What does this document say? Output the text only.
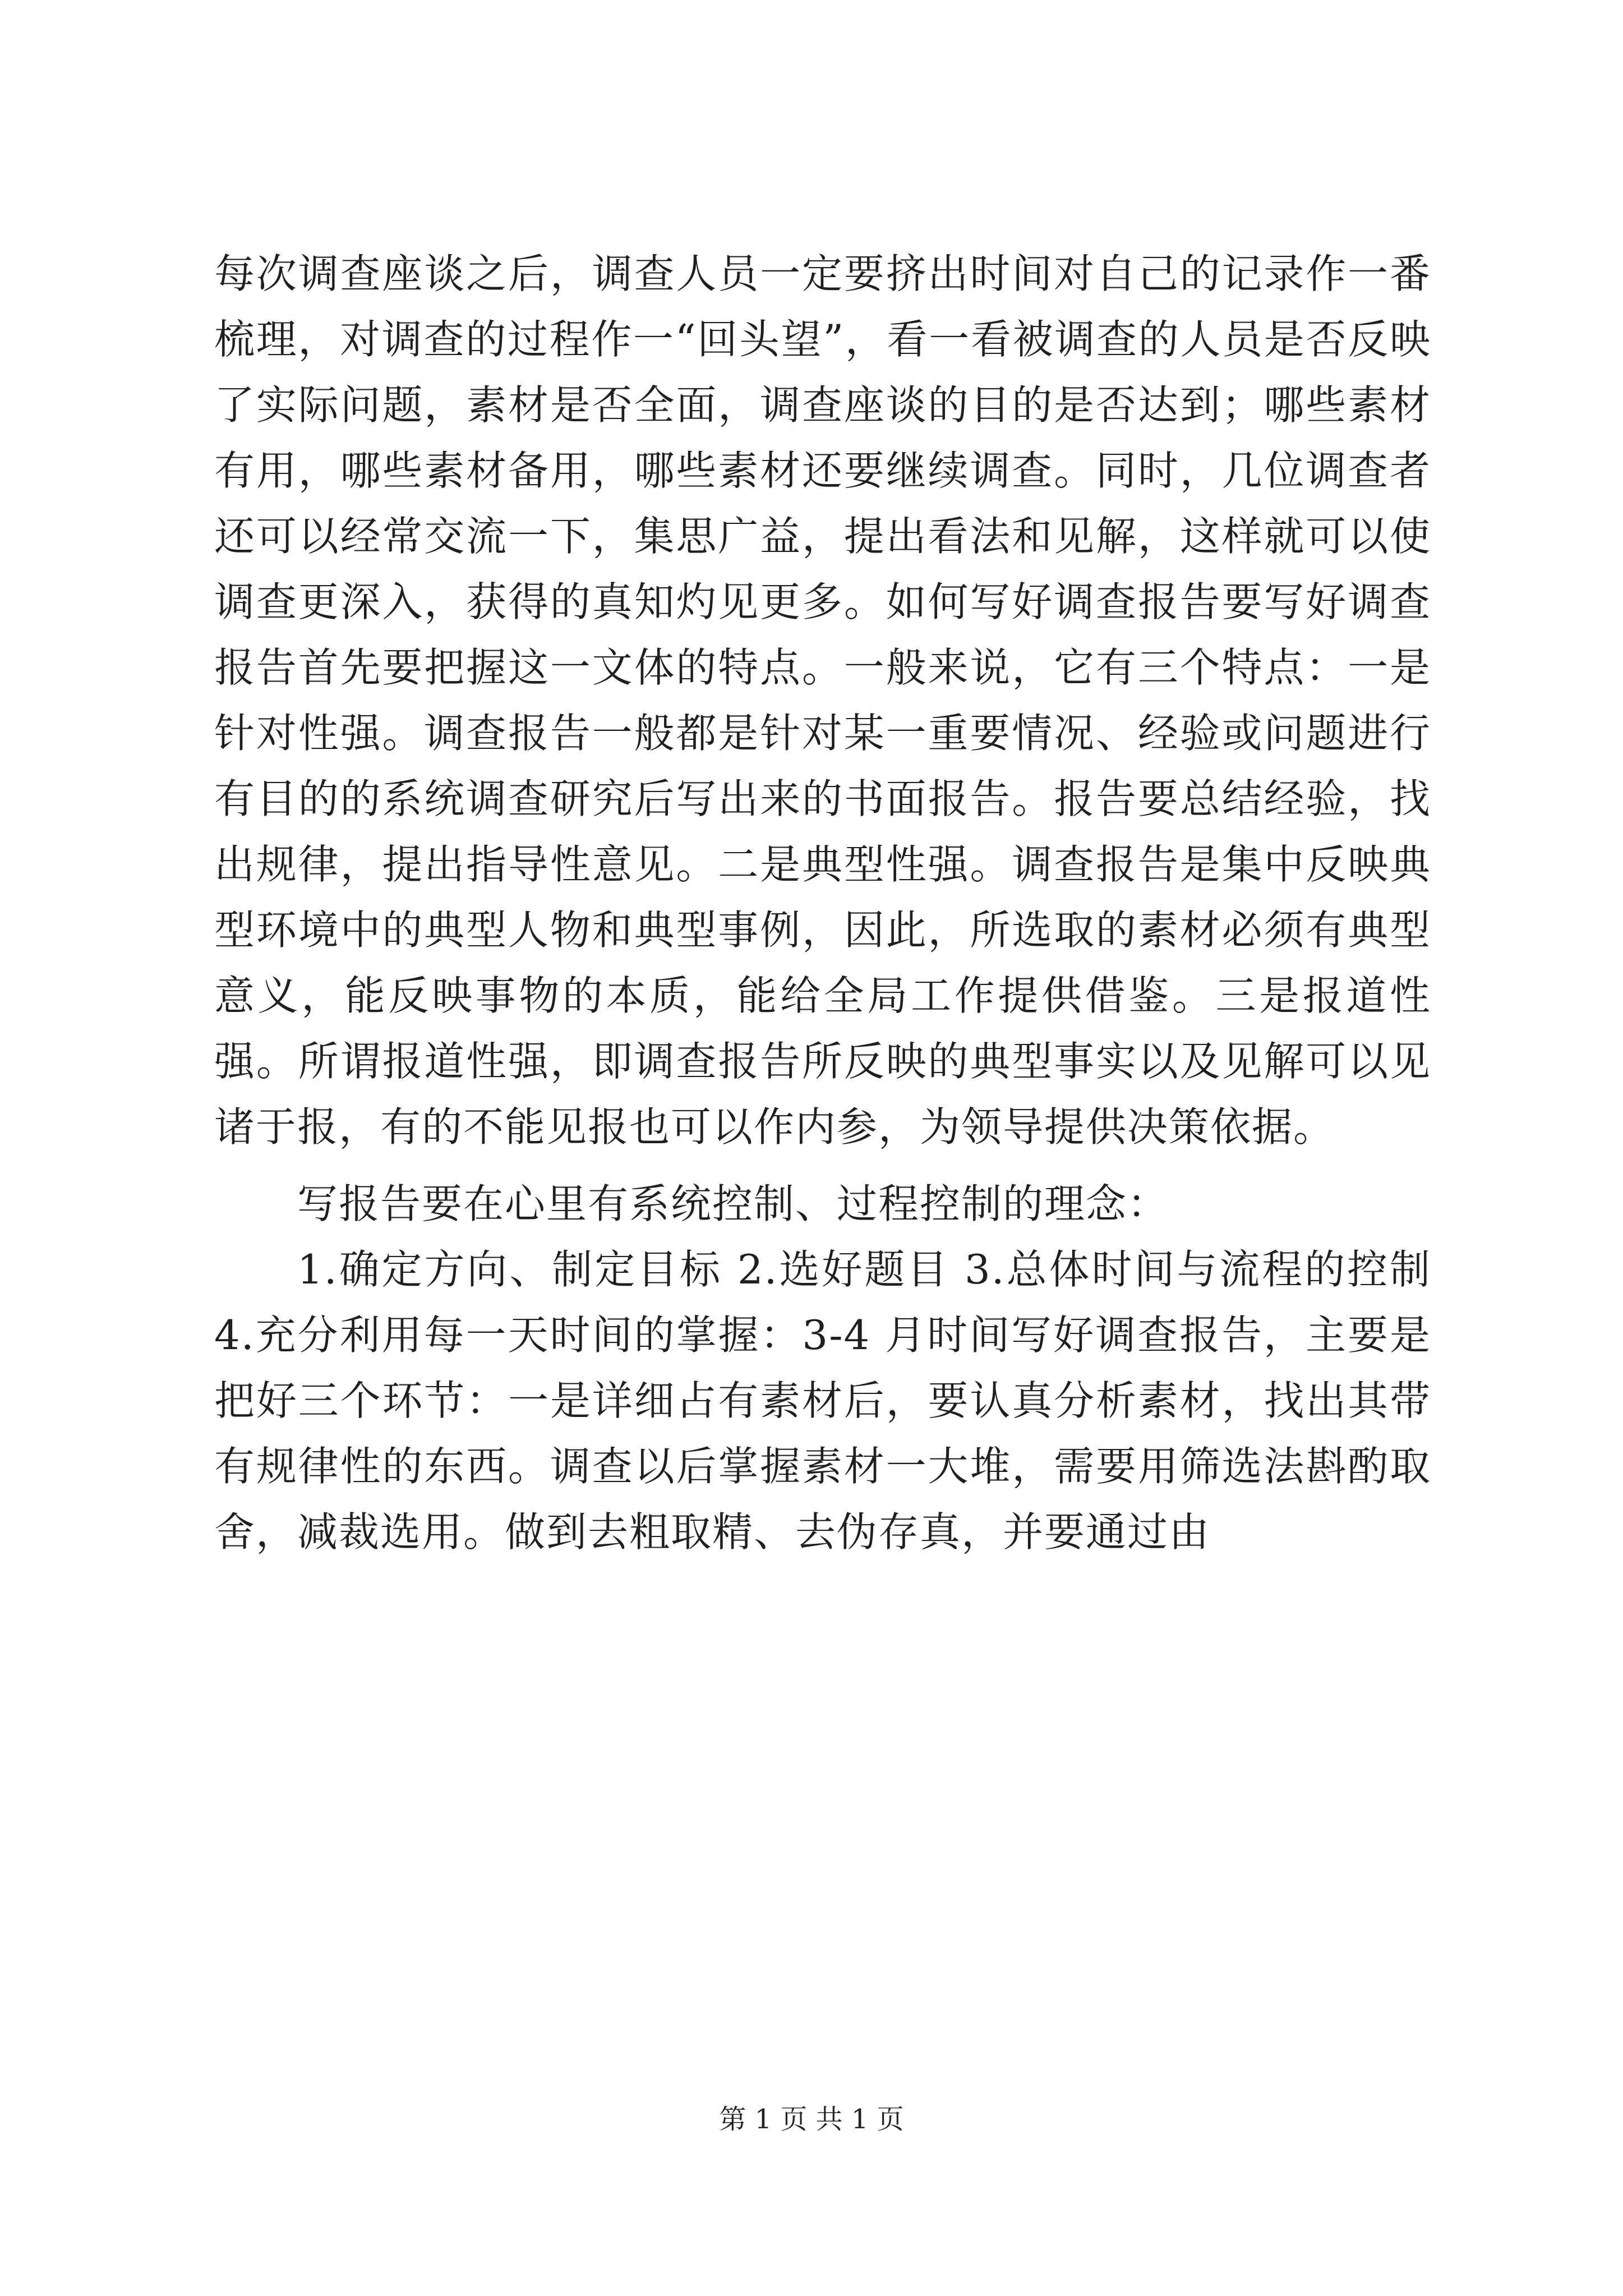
每次调查座谈之后，调查人员一定要挤出时间对自己的记录作一番梳理，对调查的过程作一“回头望”，看一看被调查的人员是否反映了实际问题，素材是否全面，调查座谈的目的是否达到；哪些素材有用，哪些素材备用，哪些素材还要继续调查。同时，几位调查者还可以经常交流一下，集思广益，提出看法和见解，这样就可以使调查更深入，获得的真知灼见更多。如何写好调查报告要写好调查报告首先要把握这一文体的特点。一般来说，它有三个特点：一是针对性强。调查报告一般都是针对某一重要情况、经验或问题进行有目的的系统调查研究后写出来的书面报告。报告要总结经验，找出规律，提出指导性意见。二是典型性强。调查报告是集中反映典型环境中的典型人物和典型事例，因此，所选取的素材必须有典型意义，能反映事物的本质，能给全局工作提供借鉴。三是报道性强。所谓报道性强，即调查报告所反映的典型事实以及见解可以见诸于报，有的不能见报也可以作内参，为领导提供决策依据。

写报告要在心里有系统控制、过程控制的理念：

1.确定方向、制定目标 2.选好题目 3.总体时间与流程的控制 4.充分利用每一天时间的掌握：3-4 月时间写好调查报告，主要是把好三个环节：一是详细占有素材后，要认真分析素材，找出其带有规律性的东西。调查以后掌握素材一大堆，需要用筛选法斟酌取舍，减裁选用。做到去粗取精、去伪存真，并要通过由

第 1 页 共 1 页
